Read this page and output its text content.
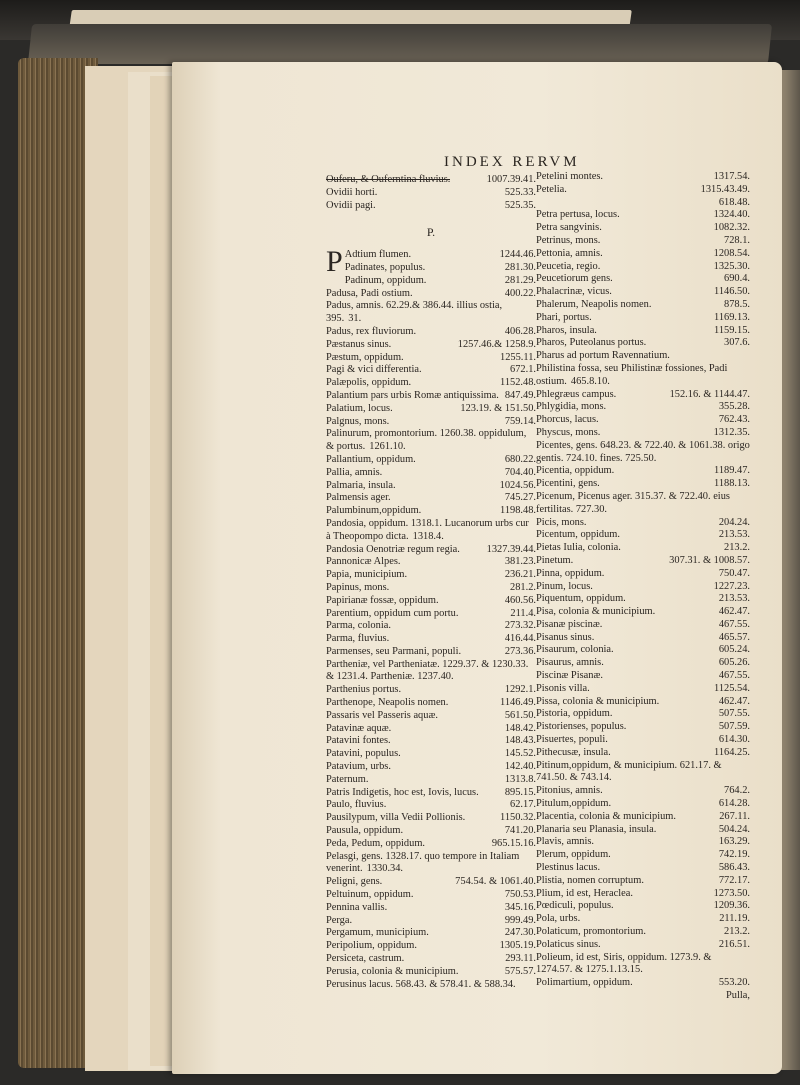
INDEX RERVM
Ouferu, & Ouferntina fluvius.	1007.39.41.
Ovidii horti.	525.33.
Ovidii pagi.	525.35.
P.
P Adtium flumen.	1244.46.
Padinates, populus.	281.30.
Padinum, oppidum.	281.29.
Padusa, Padi ostium.	400.22.
Padus, amnis. 62.29.& 386.44. illius ostia, 395. 31.
Padus, rex fluviorum.	406.28.
Pæstanus sinus.	1257.46.& 1258.9.
Pæstum, oppidum.	1255.11.
Pagi & vici differentia.	672.1.
Palæpolis, oppidum.	1152.48.
Palantium pars urbis Romæ antiquissima. 847.49.
Palatium, locus.	123.19. & 151.50.
Palgnus, mons.	759.14.
Palinurum, promontorium. 1260.38. oppidulum, & portus. 1261.10.
Pallantium, oppidum.	680.22.
Pallia, amnis.	704.40.
Palmaria, insula.	1024.56.
Palmensis ager.	745.27.
Palumbinum,oppidum.	1198.48.
Pandosia, oppidum. 1318.1. Lucanorum urbs cur à Theopompo dicta. 1318.4.
Pandosia Oenotriæ regum regia.	1327.39.44.
Pannonicæ Alpes.	381.23.
Papia, municipium.	236.21.
Papinus, mons.	281.2.
Papirianæ fossæ, oppidum.	460.56.
Parentium, oppidum cum portu.	211.4.
Parma, colonia.	273.32.
Parma, fluvius.	416.44.
Parmenses, seu Parmani, populi.	273.36.
Partheniæ, vel Partheniatæ. 1229.37. & 1230.33. & 1231.4. Partheniæ. 1237.40.
Parthenius portus.	1292.1.
Parthenope, Neapolis nomen.	1146.49.
Passaris vel Passeris aquæ.	561.50.
Patavinæ aquæ.	148.42.
Patavini fontes.	148.43.
Patavini, populus.	145.52.
Patavium, urbs.	142.40.
Paternum.	1313.8.
Patris Indigetis, hoc est, Iovis, lucus.	895.15.
Paulo, fluvius.	62.17.
Pausilypum, villa Vedii Pollionis.	1150.32.
Pausula, oppidum.	741.20.
Peda, Pedum, oppidum.	965.15.16.
Pelasgi, gens. 1328.17. quo tempore in Italiam venerint. 1330.34.
Peligni, gens.	754.54. & 1061.40.
Peltuinum, oppidum.	750.53.
Pennina vallis.	345.16.
Perga.	999.49.
Pergamum, municipium.	247.30.
Peripolium, oppidum.	1305.19.
Persiceta, castrum.	293.11.
Perusia, colonia & municipium.	575.57.
Perusinus lacus. 568.43. & 578.41. & 588.34.
Petelini montes.	1317.54.
Petelia.	1315.43.49.
618.48.
Petra pertusa, locus.	1324.40.
Petra sangvinis.	1082.32.
Petrinus, mons.	728.1.
Pettonia, amnis.	1208.54.
Peucetia, regio.	1325.30.
Peucetiorum gens.	690.4.
Phalacrinæ, vicus.	1146.50.
Phalerum, Neapolis nomen.	878.5.
Phari, portus.	1169.13.
Pharos, insula.	1159.15.
Pharos, Puteolanus portus.	307.6.
Pharus ad portum Ravennatium.
Philistina fossa, seu Philistinæ fossiones, Padi ostium. 465.8.10.
Phlegræus campus.	152.16. & 1144.47.
Phlygidia, mons.	355.28.
Phorcus, lacus.	762.43.
Physcus, mons.	1312.35.
Picentes, gens. 648.23. & 722.40. & 1061.38. origo gentis. 724.10. fines. 725.50.
Picentia, oppidum.	1189.47.
Picentini, gens.	1188.13.
Picenum, Picenus ager. 315.37. & 722.40. eius fertilitas. 727.30.
Picis, mons.	204.24.
Picentum, oppidum.	213.53.
Pietas Iulia, colonia.	213.2.
Pinetum.	307.31. & 1008.57.
Pinna, oppidum.	750.47.
Pinum, locus.	1227.23.
Piquentum, oppidum.	213.53.
Pisa, colonia & municipium.	462.47.
Pisanæ piscinæ.	467.55.
Pisanus sinus.	465.57.
Pisaurum, colonia.	605.24.
Pisaurus, amnis.	605.26.
Piscinæ Pisanæ.	467.55.
Pisonis villa.	1125.54.
Pissa, colonia & municipium.	462.47.
Pistoria, oppidum.	507.55.
Pistorienses, populus.	507.59.
Pisuertes, populi.	614.30.
Pithecusæ, insula.	1164.25.
Pitinum,oppidum, & municipium. 621.17. & 741.50. & 743.14.
Pitonius, amnis.	764.2.
Pitulum,oppidum.	614.28.
Placentia, colonia & municipium.	267.11.
Planaria seu Planasia, insula.	504.24.
Plavis, amnis.	163.29.
Plerum, oppidum.	742.19.
Plestinus lacus.	586.43.
Plistia, nomen corruptum.	772.17.
Plium, id est, Heraclea.	1273.50.
Pœdiculi, populus.	1209.36.
Pola, urbs.	211.19.
Polaticum, promontorium.	213.2.
Polaticus sinus.	216.51.
Polieum, id est, Siris, oppidum. 1273.9. & 1274.57. & 1275.1.13.15.
Polimartium, oppidum.	553.20.
Pulla,
